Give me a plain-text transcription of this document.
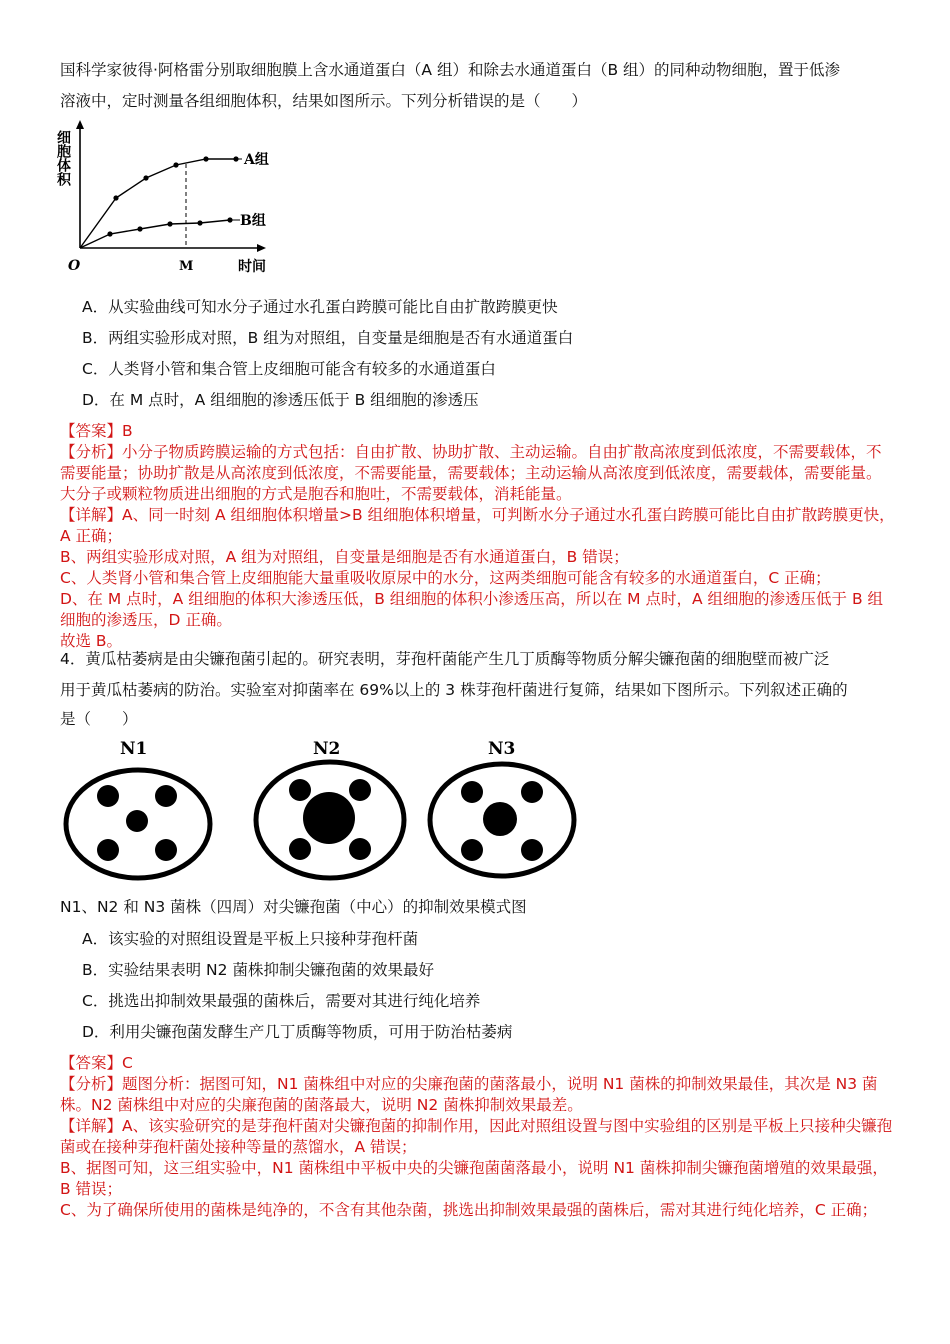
国科学家彼得·阿格雷分别取细胞膜上含水通道蛋白（A 组）和除去水通道蛋白（B 组）的同种动物细胞，置于低渗
溶液中，定时测量各组细胞体积，结果如图所示。下列分析错误的是（　　）
A组
B组
O	M	时间
细胞体积
A．从实验曲线可知水分子通过水孔蛋白跨膜可能比自由扩散跨膜更快
B．两组实验形成对照，B 组为对照组，自变量是细胞是否有水通道蛋白
C．人类肾小管和集合管上皮细胞可能含有较多的水通道蛋白
D．在 M 点时，A 组细胞的渗透压低于 B 组细胞的渗透压

【答案】B

【分析】小分子物质跨膜运输的方式包括：自由扩散、协助扩散、主动运输。自由扩散高浓度到低浓度，不需要载体，不需要能量；协助扩散是从高浓度到低浓度，不需要能量，需要载体；主动运输从高浓度到低浓度，需要载体，需要能量。大分子或颗粒物质进出细胞的方式是胞吞和胞吐，不需要载体，消耗能量。

【详解】A、同一时刻 A 组细胞体积增量>B 组细胞体积增量，可判断水分子通过水孔蛋白跨膜可能比自由扩散跨膜更快，A 正确；

B、两组实验形成对照，A 组为对照组，自变量是细胞是否有水通道蛋白，B 错误；

C、人类肾小管和集合管上皮细胞能大量重吸收原尿中的水分，这两类细胞可能含有较多的水通道蛋白，C 正确；

D、在 M 点时，A 组细胞的体积大渗透压低，B 组细胞的体积小渗透压高，所以在 M 点时，A 组细胞的渗透压低于 B 组细胞的渗透压，D 正确。

故选 B。

4．黄瓜枯萎病是由尖镰孢菌引起的。研究表明，芽孢杆菌能产生几丁质酶等物质分解尖镰孢菌的细胞壁而被广泛
用于黄瓜枯萎病的防治。实验室对抑菌率在 69%以上的 3 株芽孢杆菌进行复筛，结果如下图所示。下列叙述正确的
是（　　）
N1	N2	N3
N1、N2 和 N3 菌株（四周）对尖镰孢菌（中心）的抑制效果模式图
A．该实验的对照组设置是平板上只接种芽孢杆菌
B．实验结果表明 N2 菌株抑制尖镰孢菌的效果最好
C．挑选出抑制效果最强的菌株后，需要对其进行纯化培养
D．利用尖镰孢菌发酵生产几丁质酶等物质，可用于防治枯萎病

【答案】C

【分析】题图分析：据图可知，N1 菌株组中对应的尖廉孢菌的菌落最小，说明 N1 菌株的抑制效果最佳，其次是 N3 菌株。N2 菌株组中对应的尖廉孢菌的菌落最大，说明 N2 菌株抑制效果最差。

【详解】A、该实验研究的是芽孢杆菌对尖镰孢菌的抑制作用，因此对照组设置与图中实验组的区别是平板上只接种尖镰孢菌或在接种芽孢杆菌处接种等量的蒸馏水，A 错误；

B、据图可知，这三组实验中，N1 菌株组中平板中央的尖镰孢菌菌落最小，说明 N1 菌株抑制尖镰孢菌增殖的效果最强，B 错误；

C、为了确保所使用的菌株是纯净的，不含有其他杂菌，挑选出抑制效果最强的菌株后，需对其进行纯化培养，C 正确；
